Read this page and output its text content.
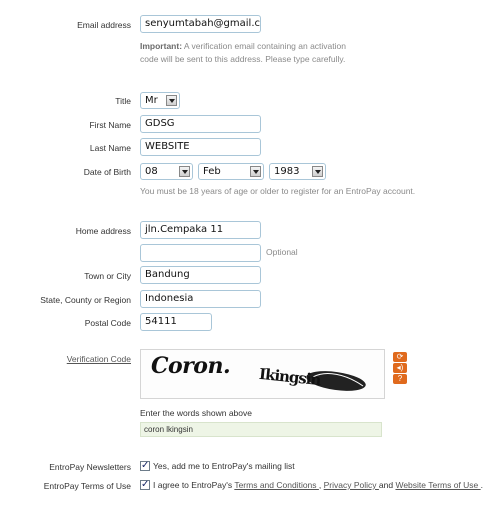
Email address	senyumtabah@gmail.c
Important: A verification email containing an activation
code will be sent to this address. Please type carefully.
Title	Mr
First Name	GDSG
Last Name	WEBSITE
Date of Birth	08	Feb	1983
You must be 18 years of age or older to register for an EntroPay account.
Home address	jln.Cempaka 11
Optional
Town or City	Bandung
State, County or Region	Indonesia
Postal Code	54111
Verification Code Coron. Ikingsin
⟳
◂)
?
Enter the words shown above
coron lkingsin
EntroPay Newsletters ✓	Yes, add me to EntroPay's mailing list
EntroPay Terms of Use ✓	I agree to EntroPay's Terms and Conditions , Privacy Policy and Website Terms of Use .
